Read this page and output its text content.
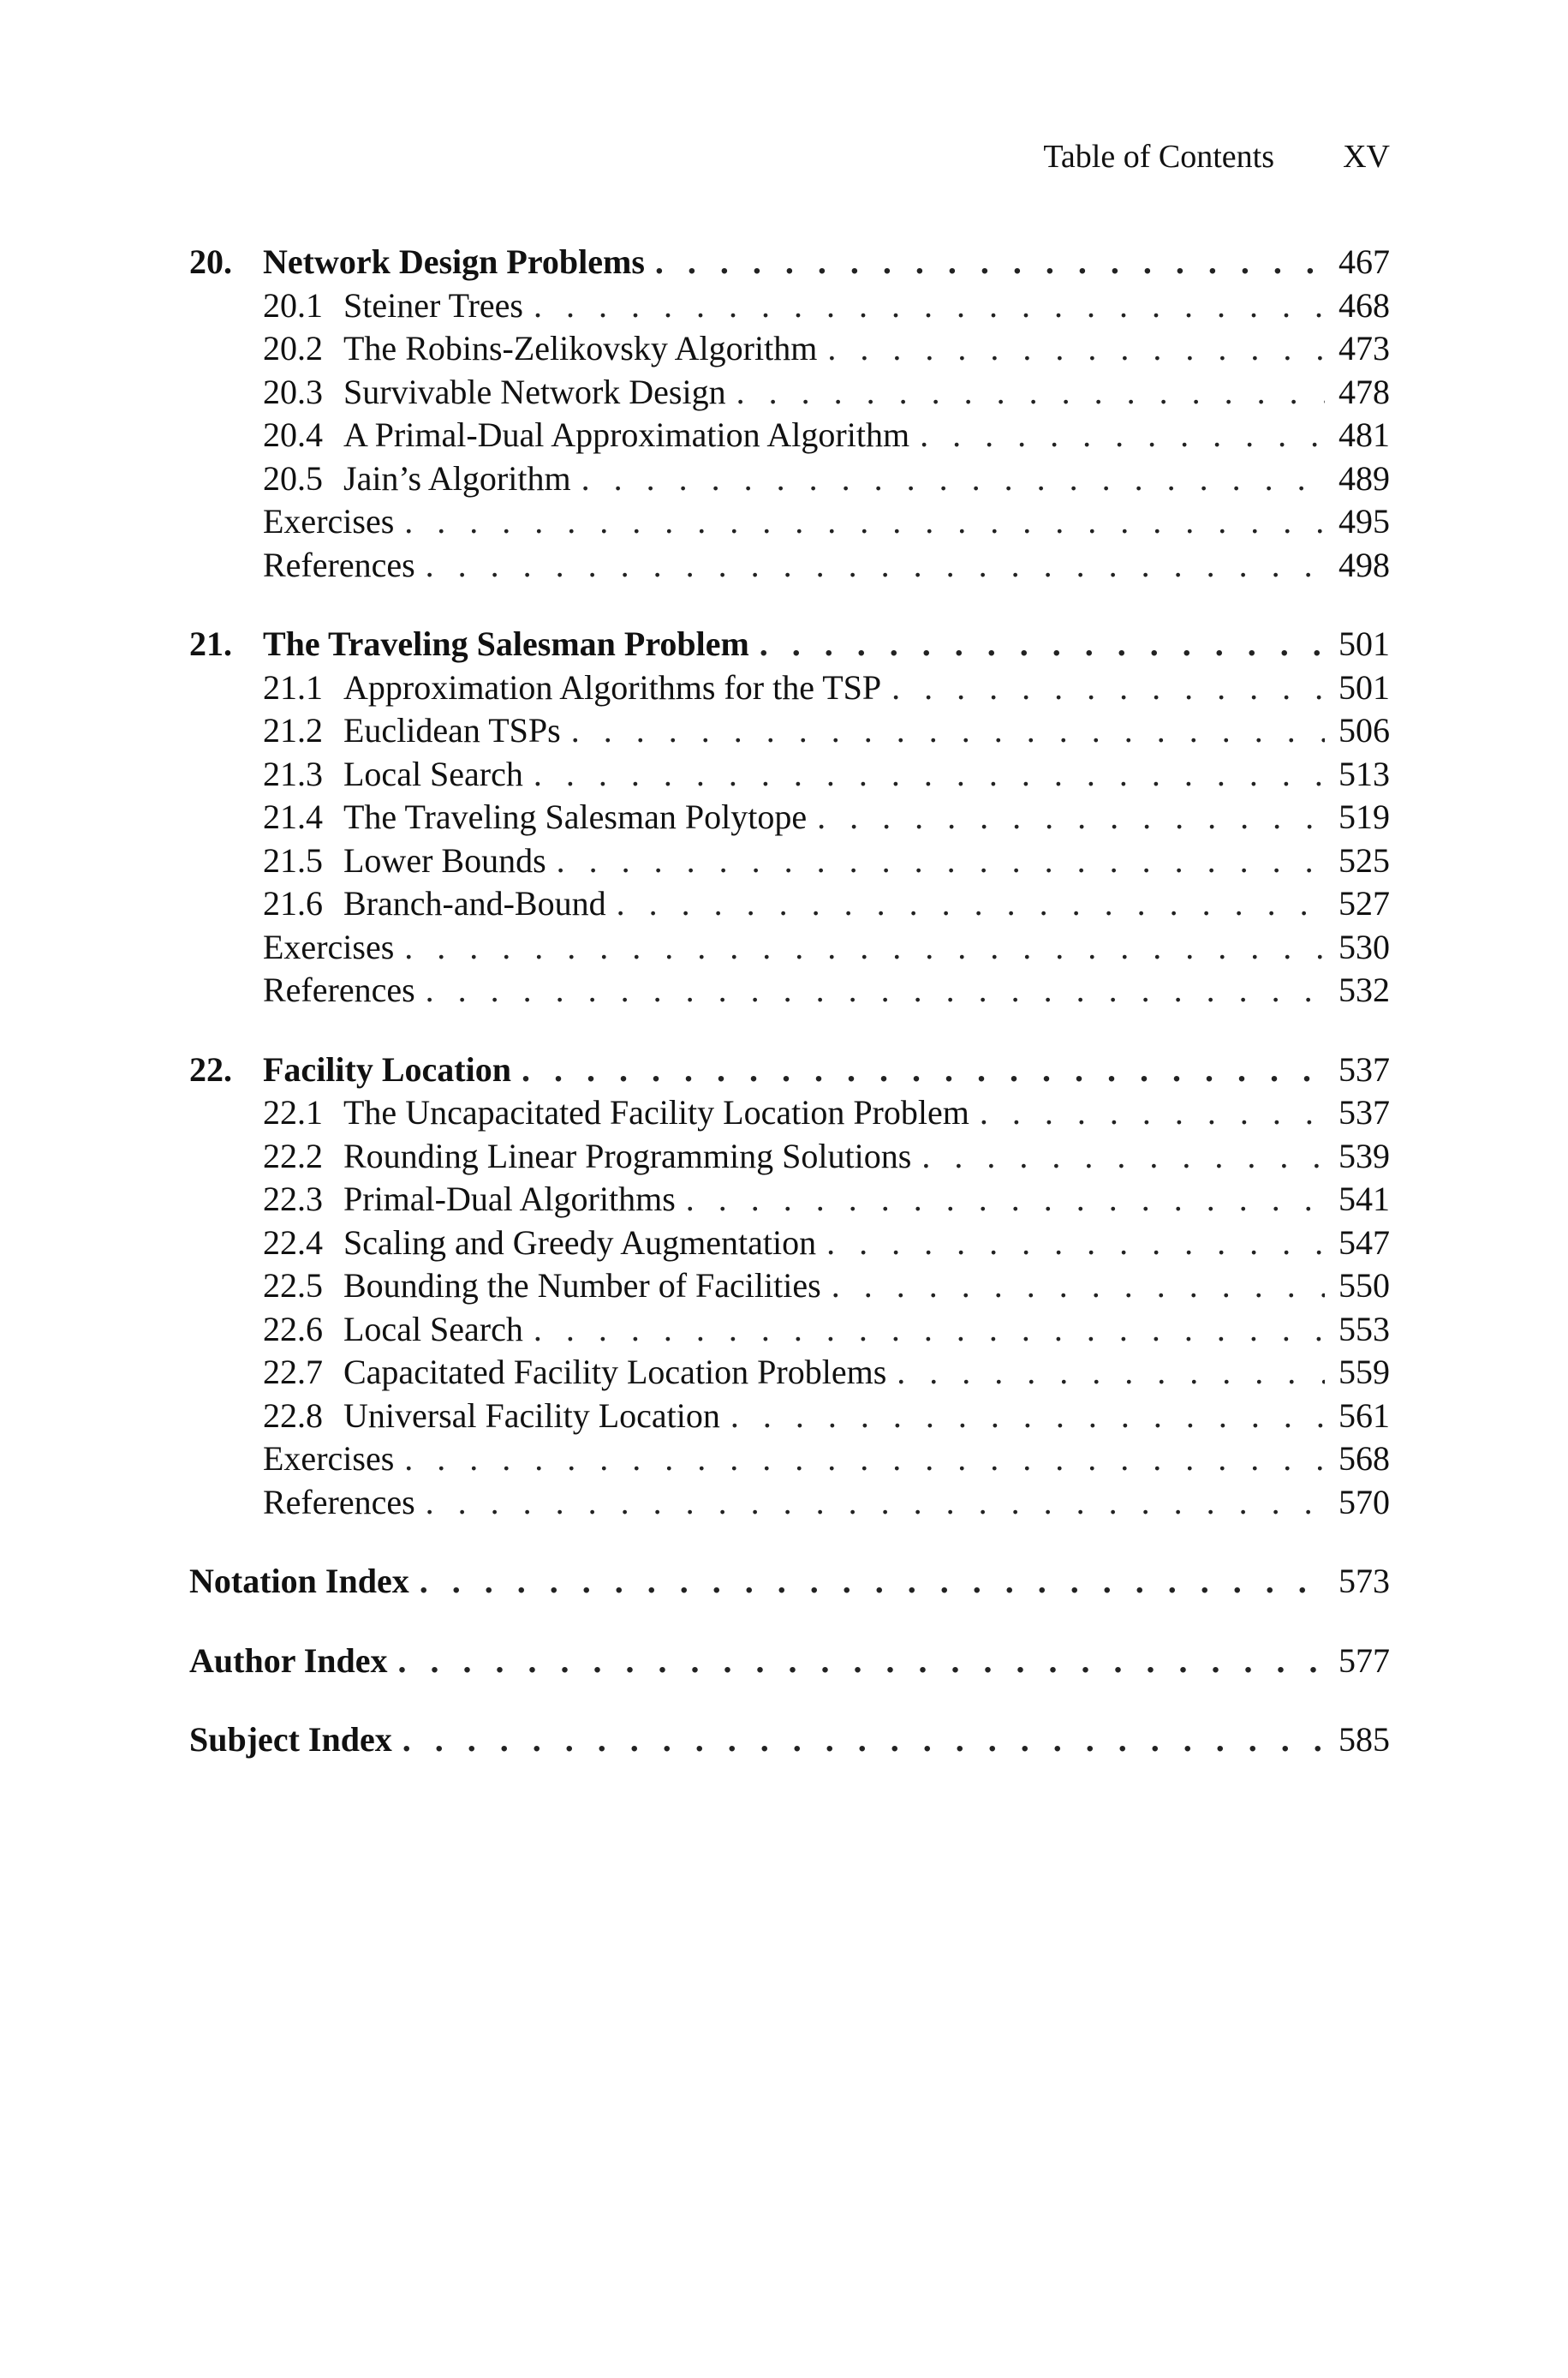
Table of Contents XV
20. Network Design Problems . . .	467
20.1 Steiner Trees . . .	468
20.2 The Robins-Zelikovsky Algorithm . . .	473
20.3 Survivable Network Design . . .	478
20.4 A Primal-Dual Approximation Algorithm . . .	481
20.5 Jain’s Algorithm . . .	489
Exercises . . .	495
References . . .	498
21. The Traveling Salesman Problem . . .	501
21.1 Approximation Algorithms for the TSP . . .	501
21.2 Euclidean TSPs . . .	506
21.3 Local Search . . .	513
21.4 The Traveling Salesman Polytope . . .	519
21.5 Lower Bounds . . .	525
21.6 Branch-and-Bound . . .	527
Exercises . . .	530
References . . .	532
22. Facility Location . . .	537
22.1 The Uncapacitated Facility Location Problem . . .	537
22.2 Rounding Linear Programming Solutions . . .	539
22.3 Primal-Dual Algorithms . . .	541
22.4 Scaling and Greedy Augmentation . . .	547
22.5 Bounding the Number of Facilities . . .	550
22.6 Local Search . . .	553
22.7 Capacitated Facility Location Problems . . .	559
22.8 Universal Facility Location . . .	561
Exercises . . .	568
References . . .	570
Notation Index . . .	573
Author Index . . .	577
Subject Index . . .	585
